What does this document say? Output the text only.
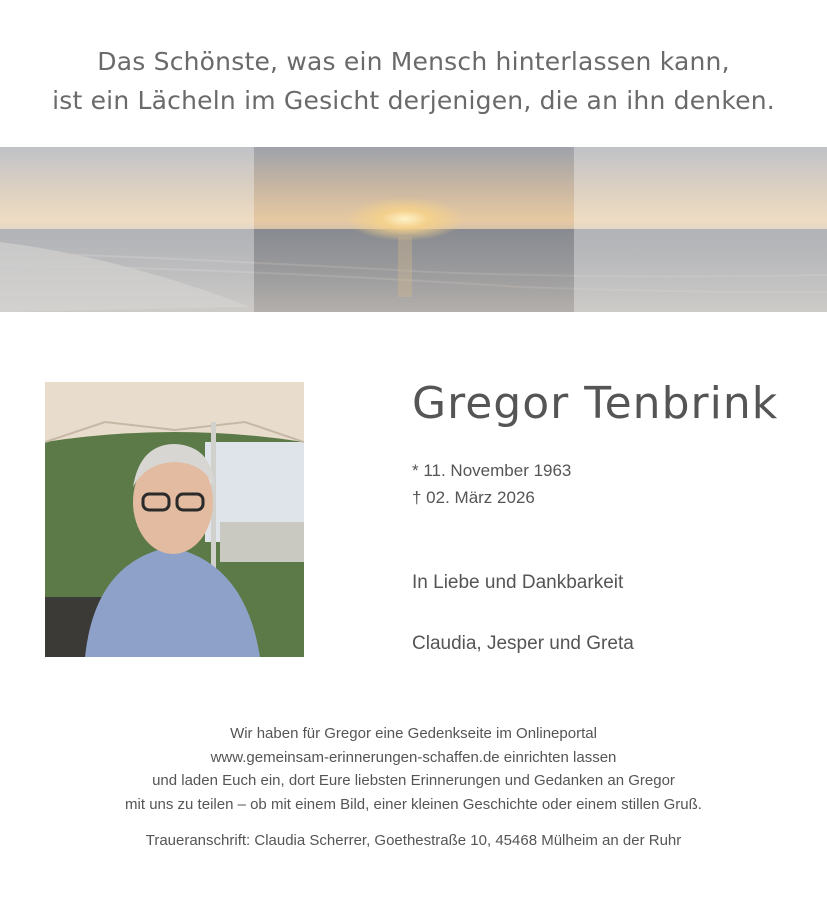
Das Schönste, was ein Mensch hinterlassen kann,
ist ein Lächeln im Gesicht derjenigen, die an ihn denken.
Gregor Tenbrink
* 11. November 1963
† 02. März 2026
In Liebe und Dankbarkeit
Claudia, Jesper und Greta
Wir haben für Gregor eine Gedenkseite im Onlineportal
www.gemeinsam-erinnerungen-schaffen.de einrichten lassen
und laden Euch ein, dort Eure liebsten Erinnerungen und Gedanken an Gregor
mit uns zu teilen – ob mit einem Bild, einer kleinen Geschichte oder einem stillen Gruß.
Traueranschrift: Claudia Scherrer, Goethestraße 10, 45468 Mülheim an der Ruhr
